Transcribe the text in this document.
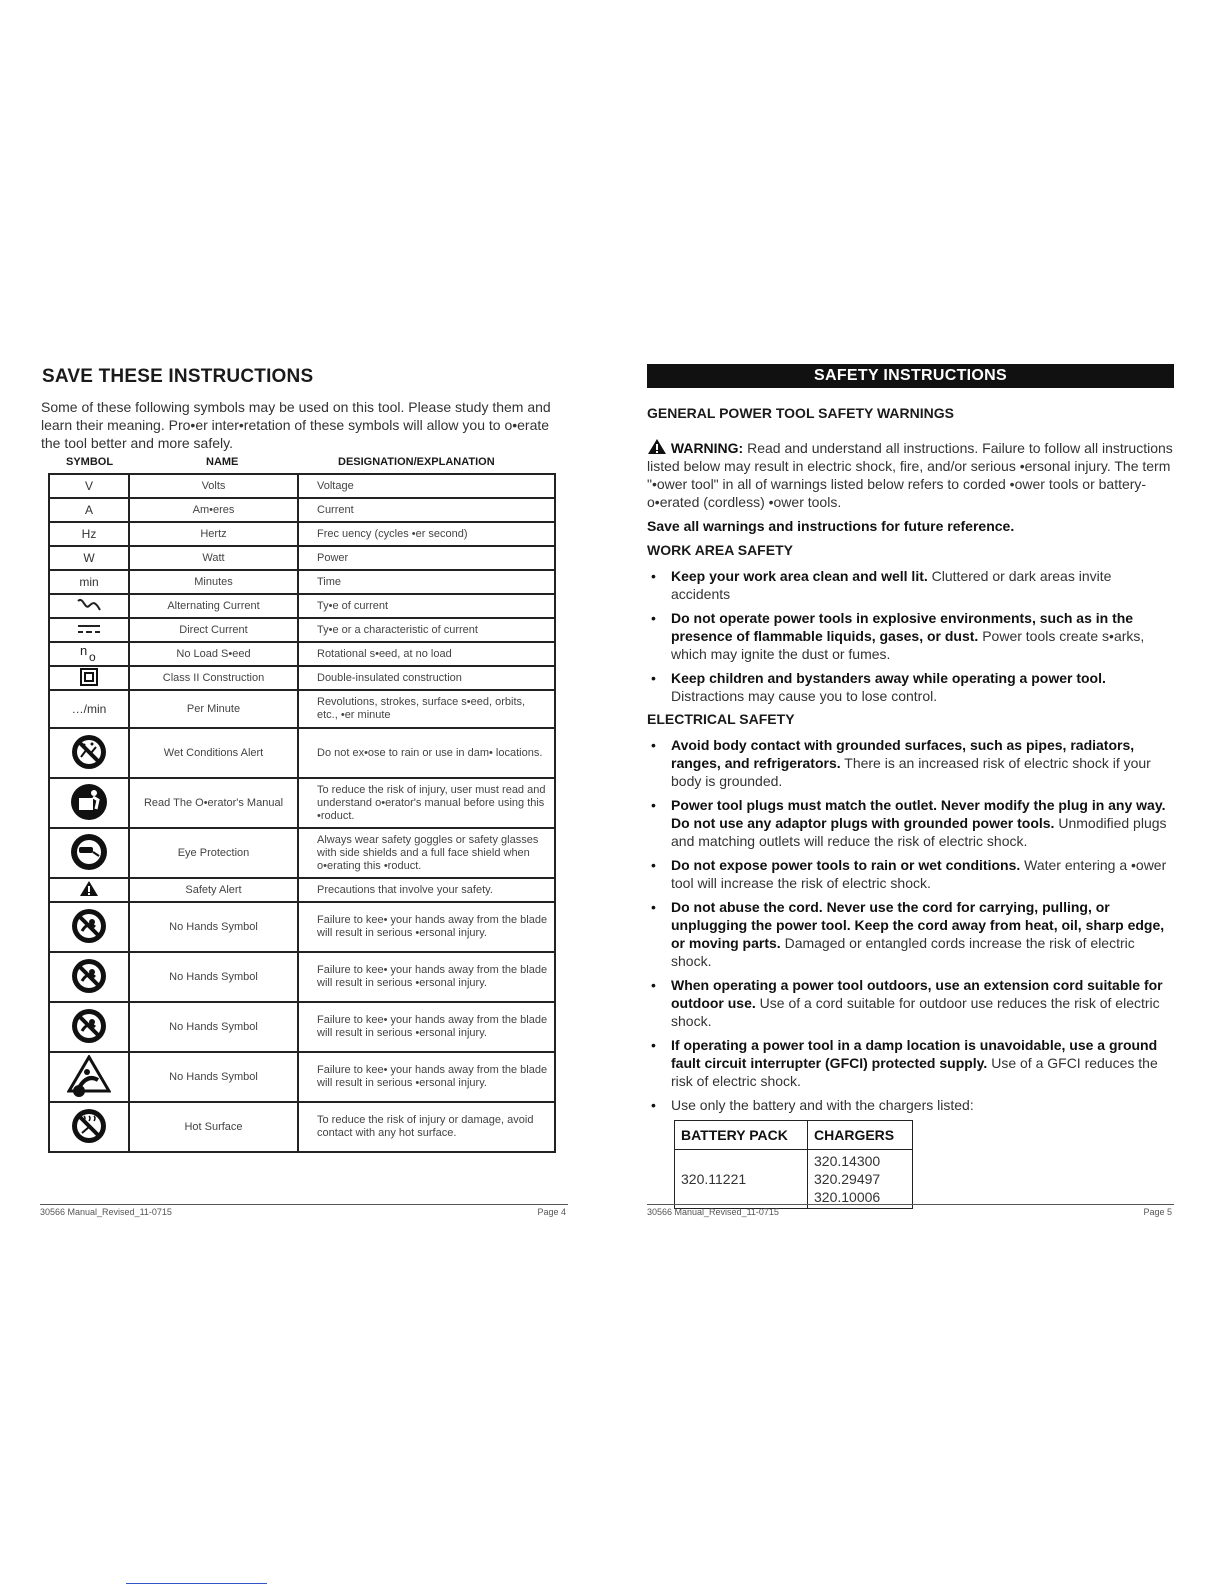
SAVE THESE INSTRUCTIONS

Some of these following symbols may be used on this tool. Please study them and learn their meaning. Pro•er inter•retation of these symbols will allow you to o•erate the tool better and more safely.

SYMBOL	NAME	DESIGNATION/EXPLANATION
V	Volts	Voltage
A	Am•eres	Current
Hz	Hertz	Frec uency (cycles •er second)
W	Watt	Power
min	Minutes	Time
	Alternating Current	Ty•e of current
	Direct Current	Ty•e or a characteristic of current

n o	No Load S•eed	Rotational s•eed, at no load
	Class II Construction	Double-insulated construction
…/min	Per Minute	Revolutions, strokes, surface s•eed, orbits, etc., •er minute
	Wet Conditions Alert	Do not ex•ose to rain or use in dam• locations.
	Read The O•erator's Manual	To reduce the risk of injury, user must read and understand o•erator's manual before using this •roduct.
	Eye Protection	Always wear safety goggles or safety glasses with side shields and a full face shield when o•erating this •roduct.
	Safety Alert	Precautions that involve your safety.
	No Hands Symbol	Failure to kee• your hands away from the blade will result in serious •ersonal injury.
	No Hands Symbol	Failure to kee• your hands away from the blade will result in serious •ersonal injury.
	No Hands Symbol	Failure to kee• your hands away from the blade will result in serious •ersonal injury.
	No Hands Symbol	Failure to kee• your hands away from the blade will result in serious •ersonal injury.
	Hot Surface	To reduce the risk of injury or damage, avoid contact with any hot surface.
30566 Manual_Revised_11-0715	Page 4
SAFETY INSTRUCTIONS
GENERAL POWER TOOL SAFETY WARNINGS

WARNING: Read and understand all instructions. Failure to follow all instructions listed below may result in electric shock, fire, and/or serious •ersonal injury. The term "•ower tool" in all of warnings listed below refers to corded •ower tools or battery-o•erated (cordless) •ower tools.

Save all warnings and instructions for future reference.

WORK AREA SAFETY
• Keep your work area clean and well lit. Cluttered or dark areas invite accidents
• Do not operate power tools in explosive environments, such as in the presence of flammable liquids, gases, or dust. Power tools create s•arks, which may ignite the dust or fumes.
• Keep children and bystanders away while operating a power tool. Distractions may cause you to lose control.
ELECTRICAL SAFETY
• Avoid body contact with grounded surfaces, such as pipes, radiators, ranges, and refrigerators. There is an increased risk of electric shock if your body is grounded.
• Power tool plugs must match the outlet. Never modify the plug in any way. Do not use any adaptor plugs with grounded power tools. Unmodified plugs and matching outlets will reduce the risk of electric shock.
• Do not expose power tools to rain or wet conditions. Water entering a •ower tool will increase the risk of electric shock.
• Do not abuse the cord. Never use the cord for carrying, pulling, or unplugging the power tool. Keep the cord away from heat, oil, sharp edge, or moving parts. Damaged or entangled cords increase the risk of electric shock.
• When operating a power tool outdoors, use an extension cord suitable for outdoor use. Use of a cord suitable for outdoor use reduces the risk of electric shock.
• If operating a power tool in a damp location is unavoidable, use a ground fault circuit interrupter (GFCI) protected supply. Use of a GFCI reduces the risk of electric shock.
• Use only the battery and with the chargers listed:
BATTERY PACK	CHARGERS
320.11221	320.14300
320.29497
320.10006
30566 Manual_Revised_11-0715	Page 5
